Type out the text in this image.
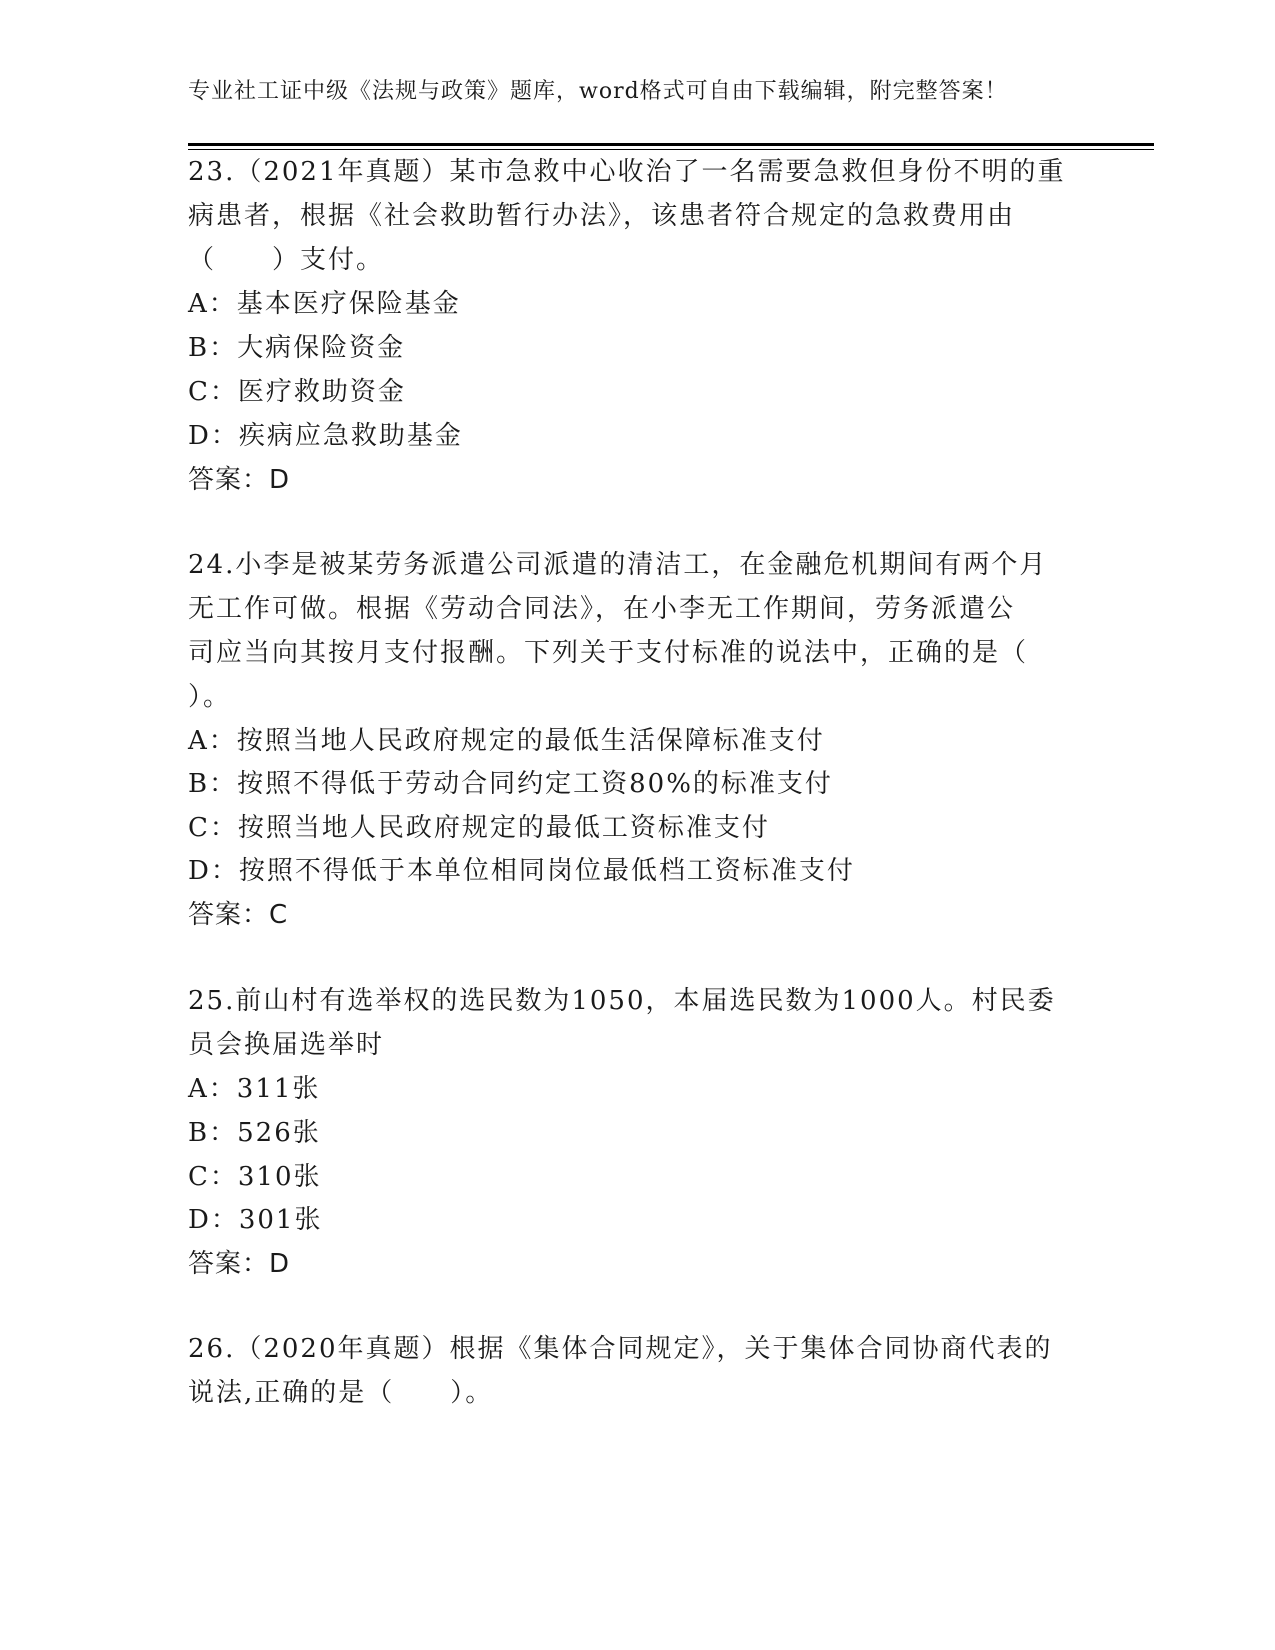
专业社工证中级《法规与政策》题库，word格式可自由下载编辑，附完整答案！
23.（2021年真题）某市急救中心收治了一名需要急救但身份不明的重
病患者，根据《社会救助暂行办法》，该患者符合规定的急救费用由
（　　）支付。
A：基本医疗保险基金
B：大病保险资金
C：医疗救助资金
D：疾病应急救助基金
答案：D
24.小李是被某劳务派遣公司派遣的清洁工，在金融危机期间有两个月
无工作可做。根据《劳动合同法》，在小李无工作期间，劳务派遣公
司应当向其按月支付报酬。下列关于支付标准的说法中，正确的是（
）。
A：按照当地人民政府规定的最低生活保障标准支付
B：按照不得低于劳动合同约定工资80%的标准支付
C：按照当地人民政府规定的最低工资标准支付
D：按照不得低于本单位相同岗位最低档工资标准支付
答案：C
25.前山村有选举权的选民数为1050，本届选民数为1000人。村民委
员会换届选举时
A：311张
B：526张
C：310张
D：301张
答案：D
26.（2020年真题）根据《集体合同规定》，关于集体合同协商代表的
说法,正确的是（　　）。
